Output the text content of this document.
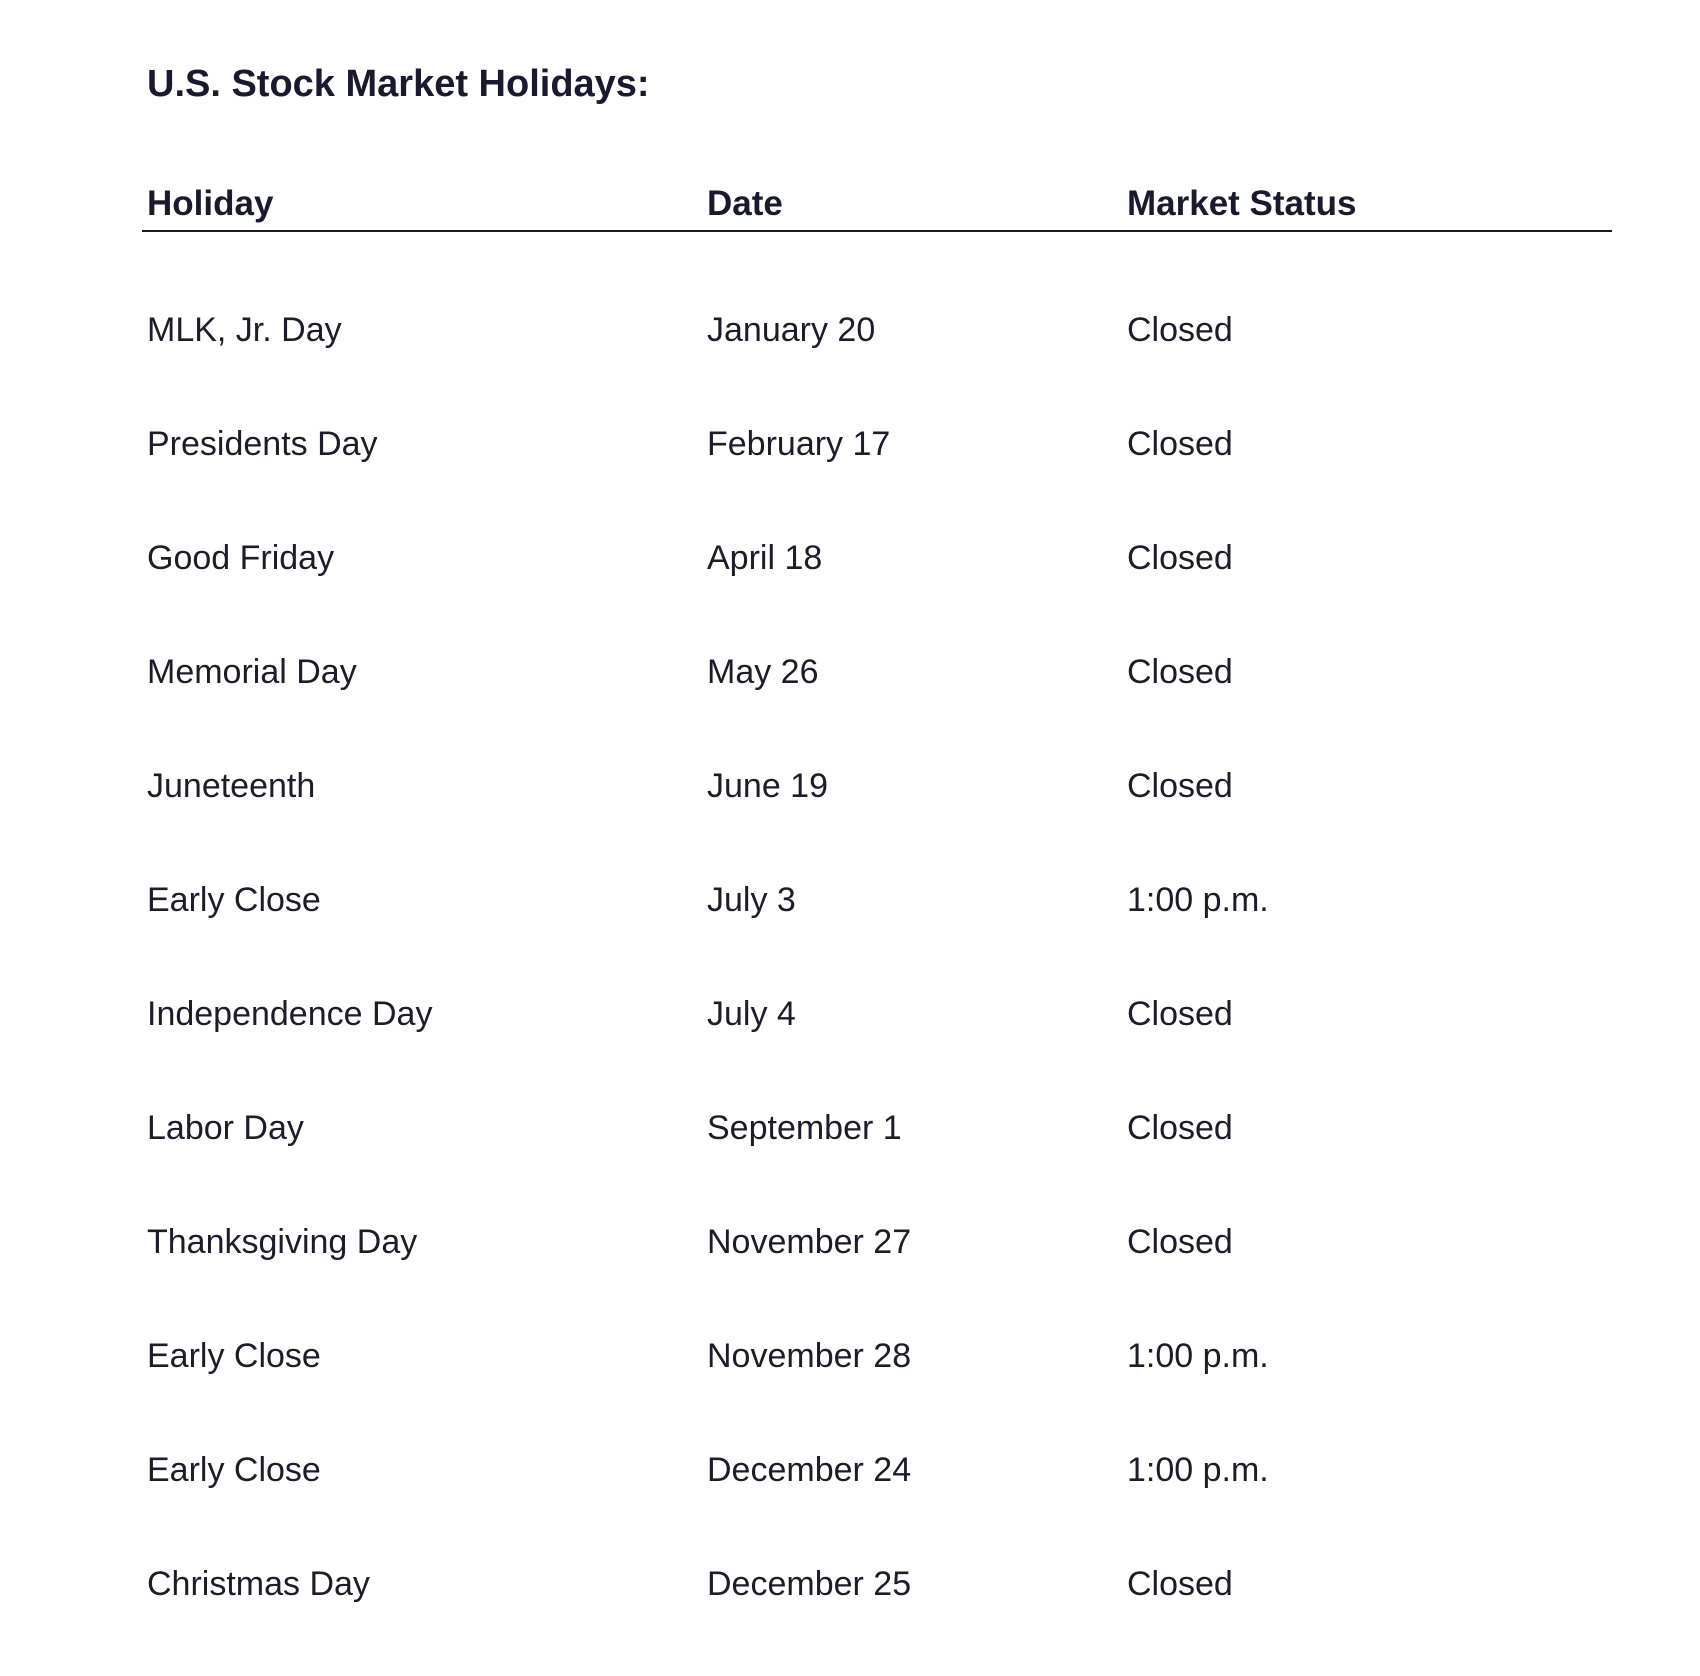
U.S. Stock Market Holidays:
Holiday	Date	Market Status
MLK, Jr. Day	January 20	Closed
Presidents Day	February 17	Closed
Good Friday	April 18	Closed
Memorial Day	May 26	Closed
Juneteenth	June 19	Closed
Early Close	July 3	1:00 p.m.
Independence Day	July 4	Closed
Labor Day	September 1	Closed
Thanksgiving Day	November 27	Closed
Early Close	November 28	1:00 p.m.
Early Close	December 24	1:00 p.m.
Christmas Day	December 25	Closed
